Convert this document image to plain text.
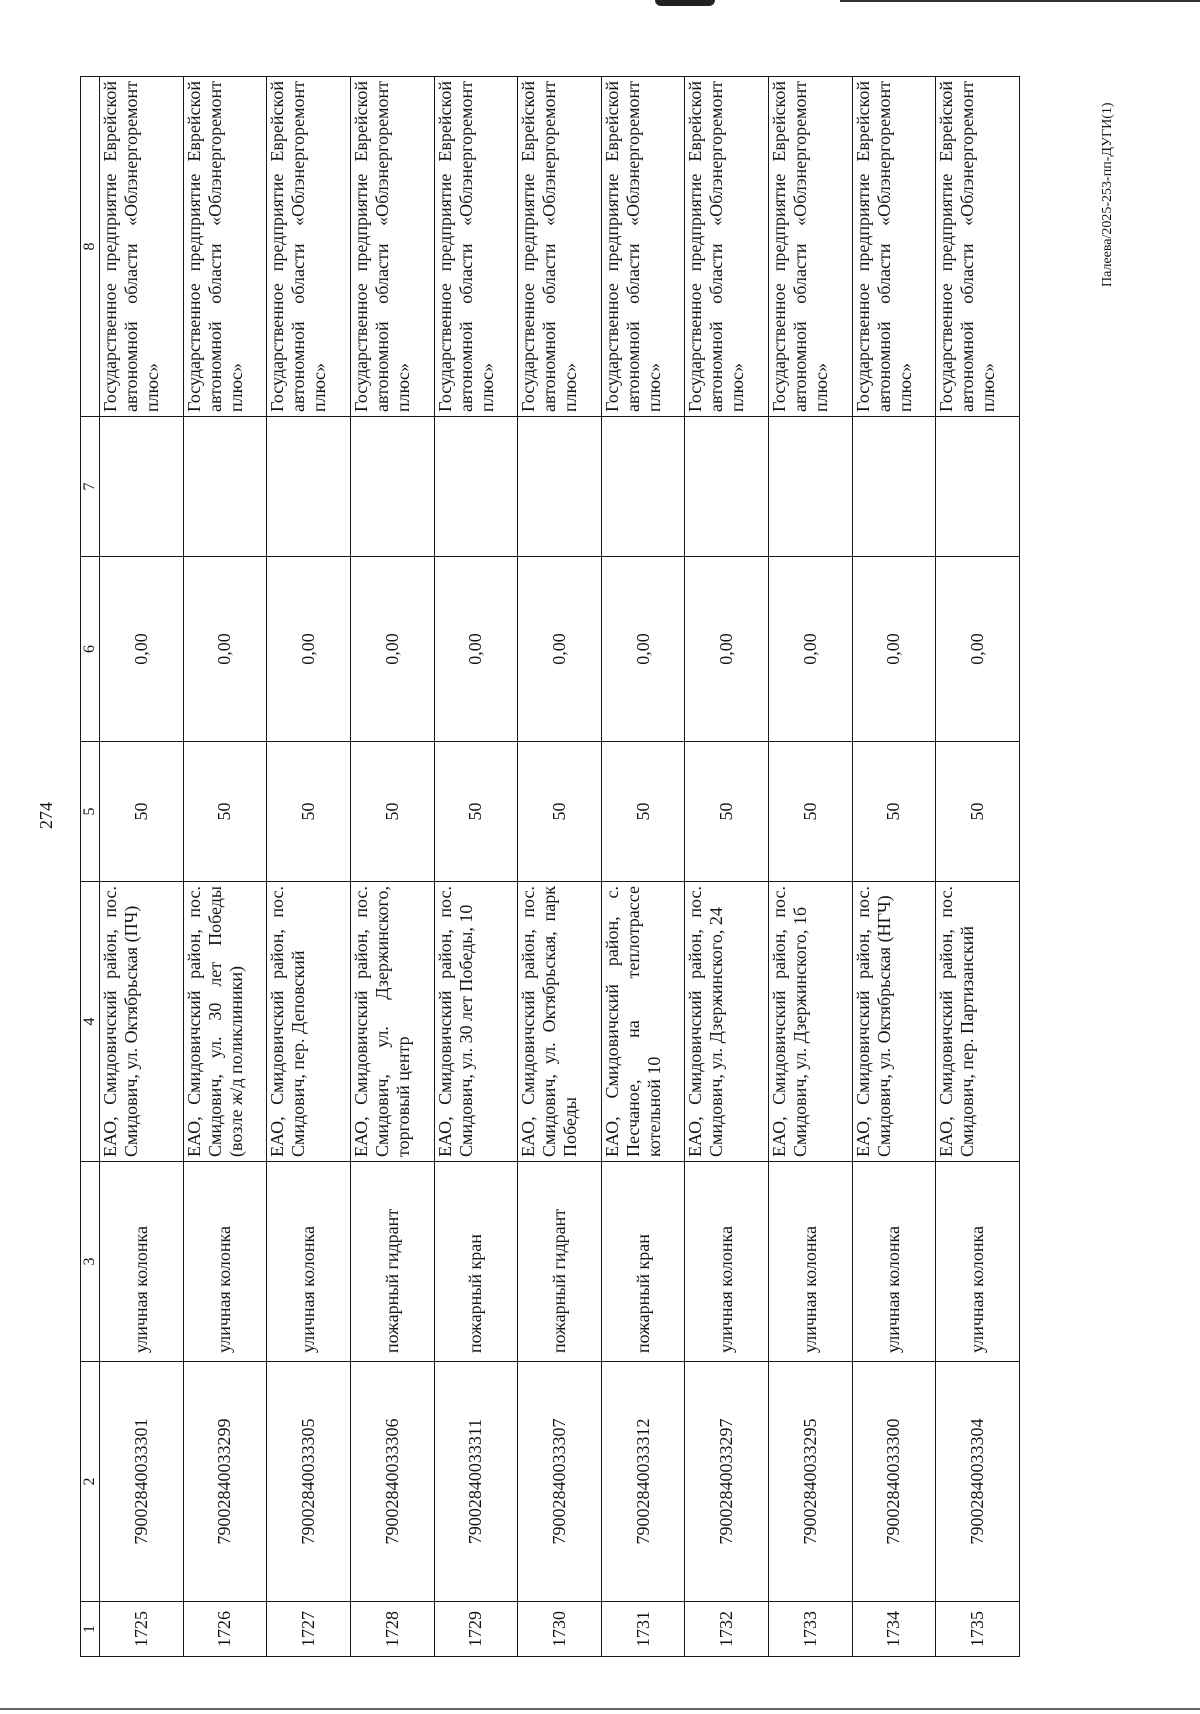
274
1	2	3	4	5	6	7	8
1725	79002840033301	уличная колонка	ЕАО, Смидовичский район, пос. Смидович, ул. Октябрьская (ПЧ)	50	0,00		Государственное предприятие Еврейской автономной области «Облэнергоремонт плюс»
1726	79002840033299	уличная колонка	ЕАО, Смидовичский район, пос. Смидович, ул. 30 лет Победы (возле ж/д поликлиники)	50	0,00		Государственное предприятие Еврейской автономной области «Облэнергоремонт плюс»
1727	79002840033305	уличная колонка	ЕАО, Смидовичский район, пос. Смидович, пер. Деповский	50	0,00		Государственное предприятие Еврейской автономной области «Облэнергоремонт плюс»
1728	79002840033306	пожарный гидрант	ЕАО, Смидовичский район, пос. Смидович, ул. Дзержинского, торговый центр	50	0,00		Государственное предприятие Еврейской автономной области «Облэнергоремонт плюс»
1729	79002840033311	пожарный кран	ЕАО, Смидовичский район, пос. Смидович, ул. 30 лет Победы, 10	50	0,00		Государственное предприятие Еврейской автономной области «Облэнергоремонт плюс»
1730	79002840033307	пожарный гидрант	ЕАО, Смидовичский район, пос. Смидович, ул. Октябрьская, парк Победы	50	0,00		Государственное предприятие Еврейской автономной области «Облэнергоремонт плюс»
1731	79002840033312	пожарный кран	ЕАО, Смидовичский район, с. Песчаное, на теплотрассе котельной 10	50	0,00		Государственное предприятие Еврейской автономной области «Облэнергоремонт плюс»
1732	79002840033297	уличная колонка	ЕАО, Смидовичский район, пос. Смидович, ул. Дзержинского, 24	50	0,00		Государственное предприятие Еврейской автономной области «Облэнергоремонт плюс»
1733	79002840033295	уличная колонка	ЕАО, Смидовичский район, пос. Смидович, ул. Дзержинского, 1б	50	0,00		Государственное предприятие Еврейской автономной области «Облэнергоремонт плюс»
1734	79002840033300	уличная колонка	ЕАО, Смидовичский район, пос. Смидович, ул. Октябрьская (НГЧ)	50	0,00		Государственное предприятие Еврейской автономной области «Облэнергоремонт плюс»
1735	79002840033304	уличная колонка	ЕАО, Смидовичский район, пос. Смидович, пер. Партизанский	50	0,00		Государственное предприятие Еврейской автономной области «Облэнергоремонт плюс»
Палеева/2025-253-пп-ДУГИ(1)
